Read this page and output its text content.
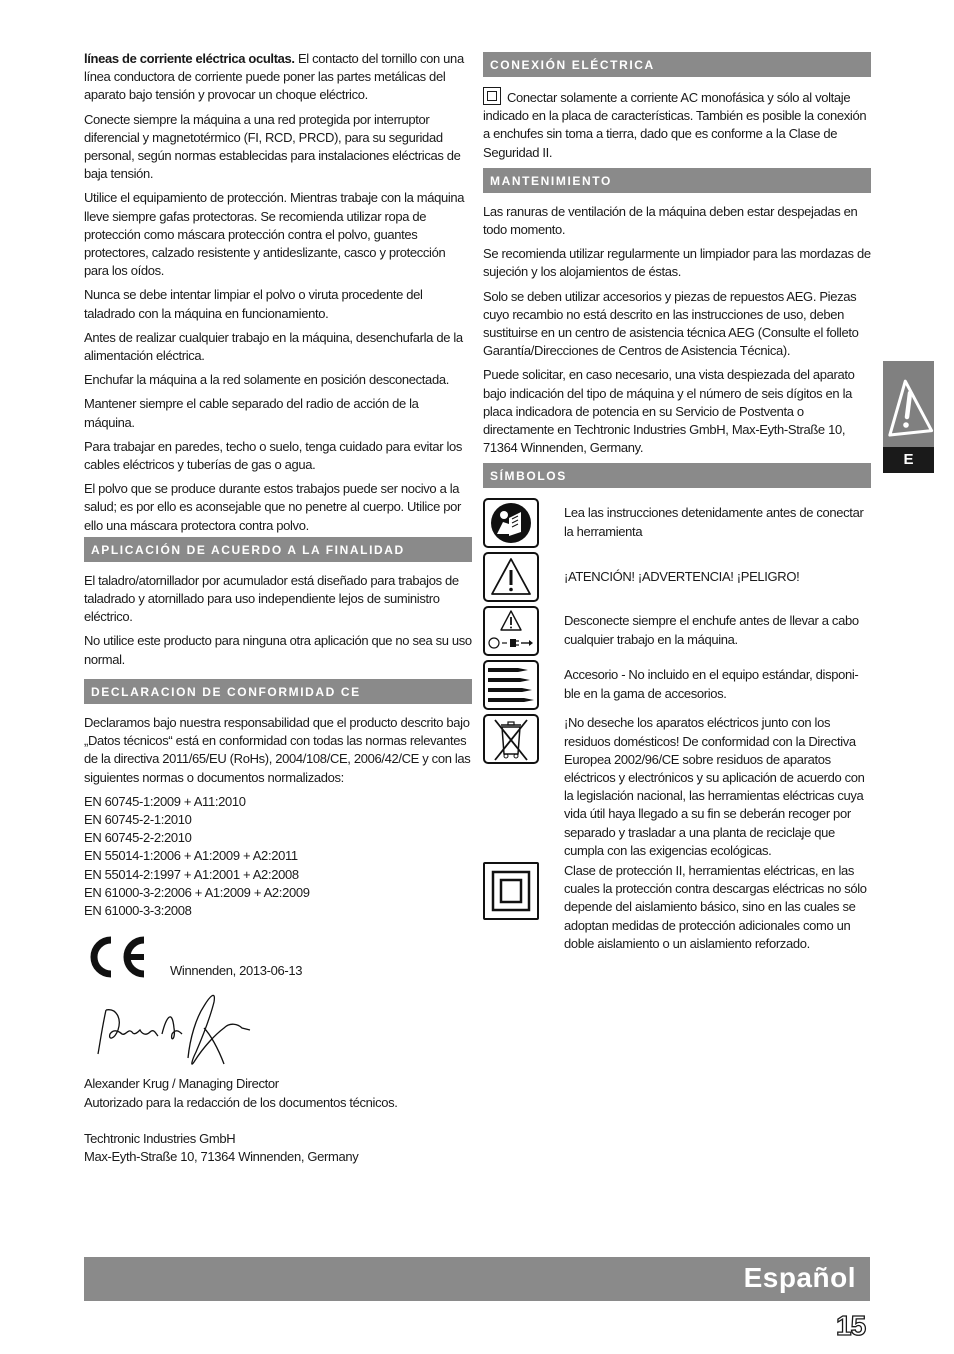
líneas de corriente eléctrica ocultas. El contacto del tornillo con una línea conductora de corriente puede poner las partes metálicas del aparato bajo tensión y provocar un choque eléctrico.

Conecte siempre la máquina a una red protegida por interruptor diferencial y magnetotérmico (FI, RCD, PRCD), para su seguridad personal, según normas establecidas para instalaciones eléctricas de baja tensión.

Utilice el equipamiento de protección. Mientras trabaje con la máquina lleve siempre gafas protectoras. Se recomienda utilizar ropa de protección como máscara protección contra el polvo, guantes protectores, calzado resistente y antideslizante, casco y protección para los oídos.

Nunca se debe intentar limpiar el polvo o viruta procedente del taladrado con la máquina en funcionamiento.

Antes de realizar cualquier trabajo en la máquina, desenchufarla de la alimentación eléctrica.

Enchufar la máquina a la red solamente en posición desconectada.

Mantener siempre el cable separado del radio de acción de la máquina.

Para trabajar en paredes, techo o suelo, tenga cuidado para evitar los cables eléctricos y tuberías de gas o agua.

El polvo que se produce durante estos trabajos puede ser nocivo a la salud; es por ello es aconsejable que no penetre al cuerpo. Utilice por ello una máscara protectora contra polvo.

APLICACIÓN DE ACUERDO A LA FINALIDAD

El taladro/atornillador por acumulador está diseñado para trabajos de taladrado y atornillado para uso independiente lejos de suministro eléctrico.

No utilice este producto para ninguna otra aplicación que no sea su uso normal.

DECLARACION DE CONFORMIDAD CE

Declaramos bajo nuestra responsabilidad que el producto descrito bajo „Datos técnicos“ está en conformidad con todas las normas relevantes de la directiva 2011/65/EU (RoHs), 2004/108/CE, 2006/42/CE y con las siguientes normas o documentos normalizados:

EN 60745-1:2009 + A11:2010

EN 60745-2-1:2010

EN 60745-2-2:2010

EN 55014-1:2006 + A1:2009 + A2:2011

EN 55014-2:1997 + A1:2001 + A2:2008

EN 61000-3-2:2006 + A1:2009 + A2:2009

EN 61000-3-3:2008

Winnenden, 2013-06-13

Alexander Krug / Managing Director

Autorizado para la redacción de los documentos técnicos.

Techtronic Industries GmbH

Max-Eyth-Straße 10, 71364 Winnenden, Germany

CONEXIÓN ELÉCTRICA

Conectar solamente a corriente AC monofásica y sólo al voltaje indicado en la placa de características. También es posible la conexión a enchufes sin toma a tierra, dado que es conforme a la Clase de Seguridad II.

MANTENIMIENTO

Las ranuras de ventilación de la máquina deben estar despejadas en todo momento.

Se recomienda utilizar regularmente un limpiador para las mordazas de sujeción y los alojamientos de éstas.

Solo se deben utilizar accesorios y piezas de repuestos AEG. Piezas cuyo recambio no está descrito en las instrucciones de uso, deben sustituirse en un centro de asistencia técnica AEG (Consulte el folleto Garantía/Direcciones de Centros de Asistencia Técnica).

Puede solicitar, en caso necesario, una vista despiezada del aparato bajo indicación del tipo de máquina y el número de seis dígitos en la placa indicadora de potencia en su Servicio de Postventa o directamente en Techtronic Industries GmbH, Max-Eyth-Straße 10, 71364 Winnenden, Germany.

SÍMBOLOS
Lea las instrucciones detenidamente antes de conectar la herramienta
¡ATENCIÓN! ¡ADVERTENCIA! ¡PELIGRO!
Desconecte siempre el enchufe antes de llevar a cabo cualquier trabajo en la máquina.
Accesorio - No incluido en el equipo estándar, disponi- ble en la gama de accesorios.
¡No deseche los aparatos eléctricos junto con los residuos domésticos! De conformidad con la Directiva Europea 2002/96/CE sobre residuos de aparatos eléctricos y electrónicos y su aplicación de acuerdo con la legislación nacional, las herramientas eléctricas cuya vida útil haya llegado a su fin se deberán recoger por separado y trasladar a una planta de reciclaje que cumpla con las exigencias ecológicas.
Clase de protección II, herramientas eléctricas, en las cuales la protección contra descargas eléctricas no sólo depende del aislamiento básico, sino en las cuales se adoptan medidas de protección adicionales como un doble aislamiento o un aislamiento reforzado.
E
Español
15
